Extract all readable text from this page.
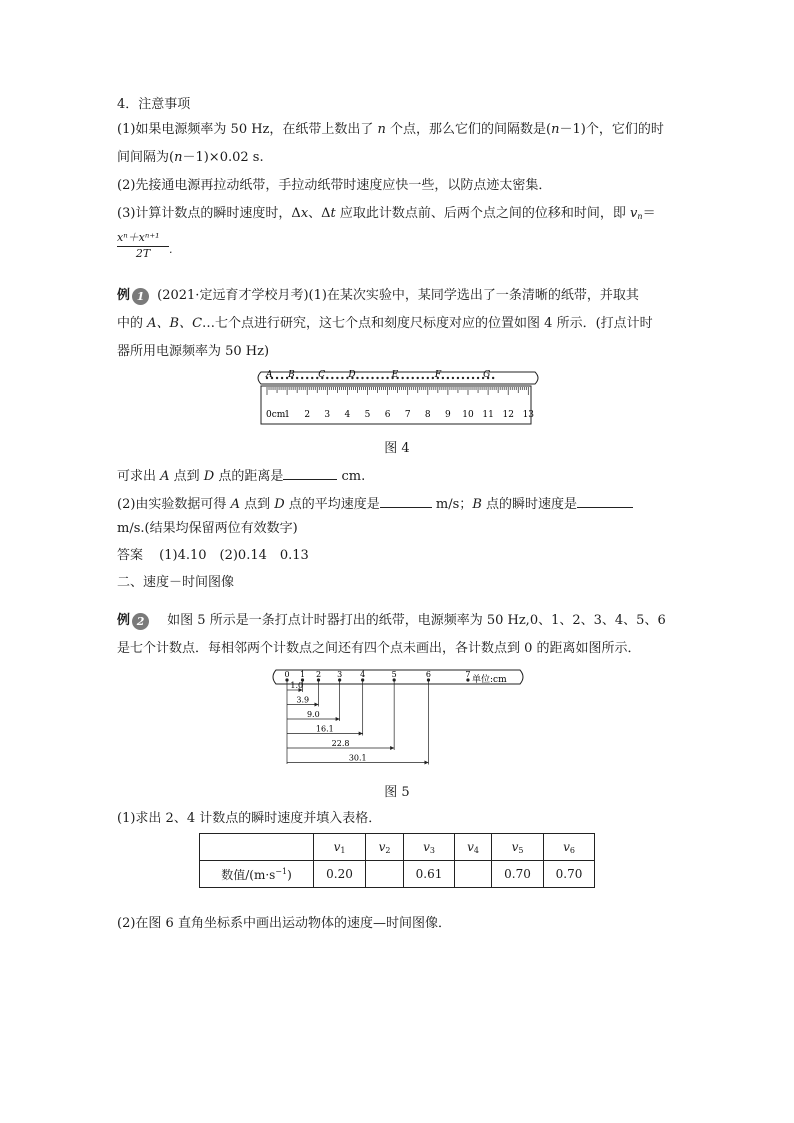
4．注意事项
(1)如果电源频率为 50 Hz，在纸带上数出了 n 个点，那么它们的间隔数是(n－1)个，它们的时
间间隔为(n－1)×0.02 s.
(2)先接通电源再拉动纸带，手拉动纸带时速度应快一些，以防点迹太密集．
(3)计算计数点的瞬时速度时，Δx、Δt 应取此计数点前、后两个点之间的位移和时间，即 $v_n=$
xⁿ＋xⁿ⁺¹
2T .
例 1 (2021·定远育才学校月考)(1)在某次实验中，某同学选出了一条清晰的纸带，并取其
中的 A、B、C…七个点进行研究，这七个点和刻度尺标度对应的位置如图 4 所示．(打点计时
器所用电源频率为 50 Hz)
A B	C	D	E	F	G
0cm
1 2 3 4 5 6 7 8 9 10 11 12 13
图 4
可求出 A 点到 D 点的距离是	cm.
(2)由实验数据可得 A 点到 D 点的平均速度是	m/s；B 点的瞬时速度是
m/s.(结果均保留两位有效数字)
答案 (1)4.10　(2)0.14　0.13
二、速度－时间图像
例 2	如图 5 所示是一条打点计时器打出的纸带，电源频率为 50 Hz,0、1、2、3、4、5、6
是七个计数点．每相邻两个计数点之间还有四个点未画出，各计数点到 0 的距离如图所示．
0 1 2 3 4	5	6	7
单位:cm
1.0
3.9
9.0
16.1
22.8
30.1
图 5
(1)求出 2、4 计数点的瞬时速度并填入表格．
	$v_1$	$v_2$	$v_3$	$v_4$	$v_5$	$v_6$
数值$/(m\cdot s^{-1})$	0.20		0.61		0.70	0.70
(2)在图 6 直角坐标系中画出运动物体的速度—时间图像．
